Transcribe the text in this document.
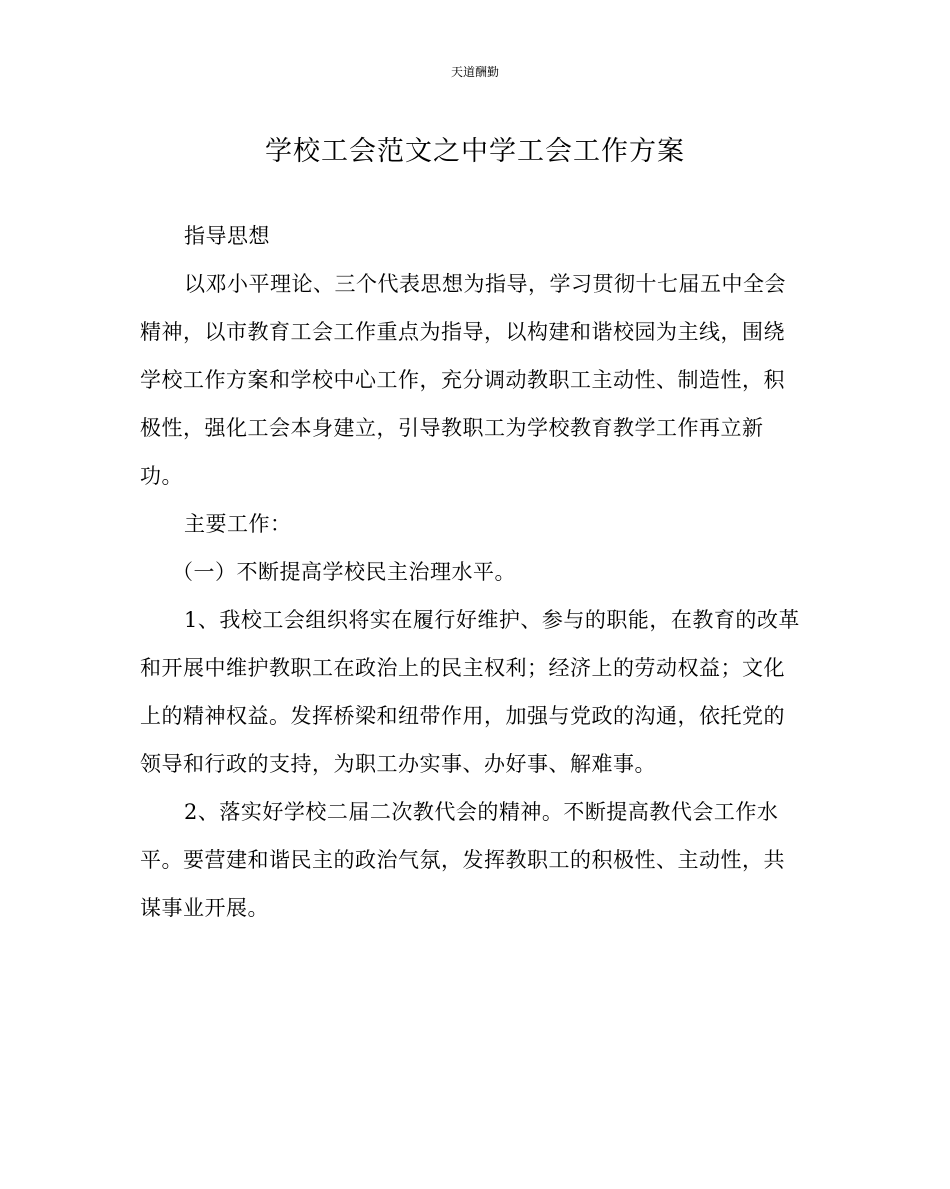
天道酬勤
学校工会范文之中学工会工作方案
指导思想
以邓小平理论、三个代表思想为指导，学习贯彻十七届五中全会
精神，以市教育工会工作重点为指导，以构建和谐校园为主线，围绕
学校工作方案和学校中心工作，充分调动教职工主动性、制造性，积
极性，强化工会本身建立，引导教职工为学校教育教学工作再立新
功。
主要工作：
（一）不断提高学校民主治理水平。
1、我校工会组织将实在履行好维护、参与的职能，在教育的改革
和开展中维护教职工在政治上的民主权利；经济上的劳动权益；文化
上的精神权益。发挥桥梁和纽带作用，加强与党政的沟通，依托党的
领导和行政的支持，为职工办实事、办好事、解难事。
2、落实好学校二届二次教代会的精神。不断提高教代会工作水
平。要营建和谐民主的政治气氛，发挥教职工的积极性、主动性，共
谋事业开展。
